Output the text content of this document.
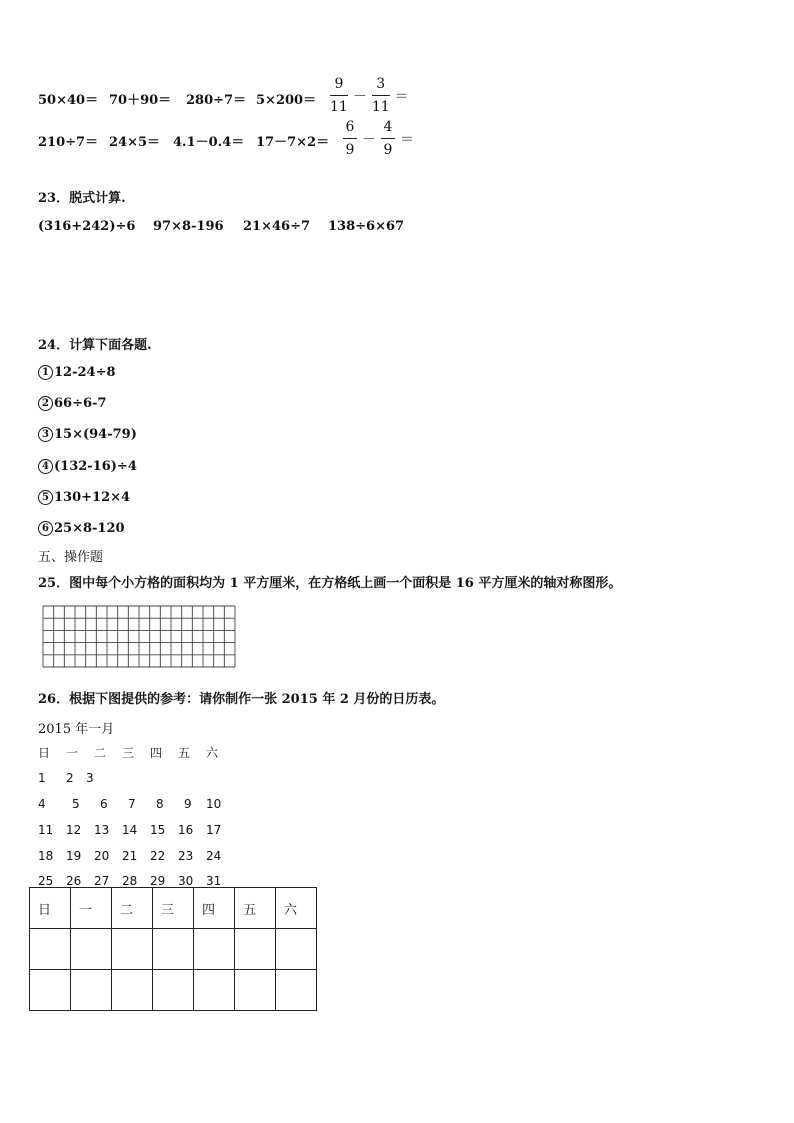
50×40＝ 70＋90＝ 280÷7＝ 5×200＝
9
11
－
3
11
＝
210÷7＝ 24×5＝ 4.1－0.4＝ 17－7×2＝
6
9
－
4
9
＝
23．脱式计算.
(316+242)÷6 97×8-196 21×46÷7 138÷6×67
24．计算下面各题.
1 12-24÷8
2 66÷6-7
3 15×(94-79)
4 (132-16)÷4
5 130+12×4
6 25×8-120
五、操作题
25．图中每个小方格的面积均为 1 平方厘米，在方格纸上画一个面积是 16 平方厘米的轴对称图形。
26．根据下图提供的参考：请你制作一张 2015 年 2 月份的日历表。
2015 年一月
日 一 二 三 四 五 六
1 2 3
4 5 6 7 8 9 10
11 12 13 14 15 16 17
18 19 20 21 22 23 24
25 26 27 28 29 30 31
日	一	二	三	四	五	六
